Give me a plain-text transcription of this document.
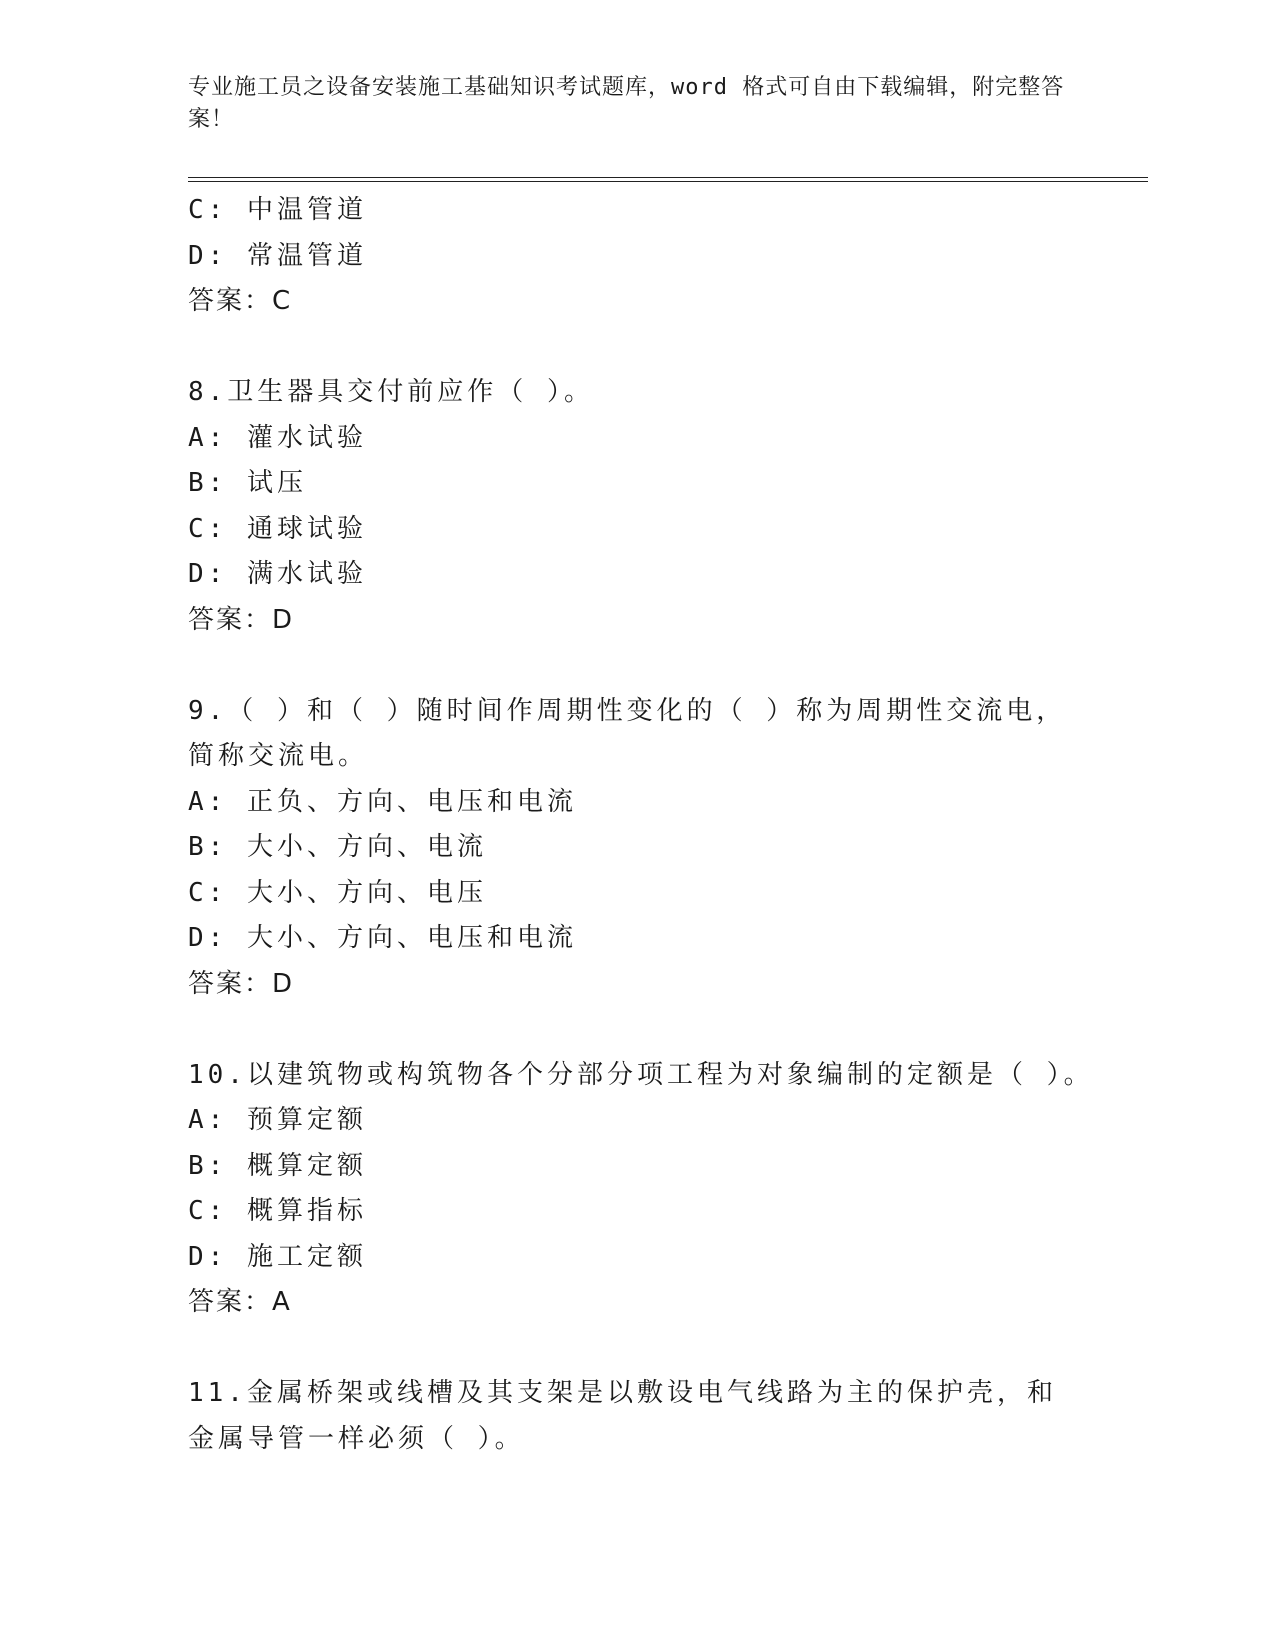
专业施工员之设备安装施工基础知识考试题库，word 格式可自由下载编辑，附完整答案！
C: 中温管道
D: 常温管道
答案：C
8.卫生器具交付前应作（ ）。
A: 灌水试验
B: 试压
C: 通球试验
D: 满水试验
答案：D
9.（ ）和（ ）随时间作周期性变化的（ ）称为周期性交流电，简称交流电。
A: 正负、方向、电压和电流
B: 大小、方向、电流
C: 大小、方向、电压
D: 大小、方向、电压和电流
答案：D
10.以建筑物或构筑物各个分部分项工程为对象编制的定额是（ ）。
A: 预算定额
B: 概算定额
C: 概算指标
D: 施工定额
答案：A
11.金属桥架或线槽及其支架是以敷设电气线路为主的保护壳，和金属导管一样必须（ ）。
